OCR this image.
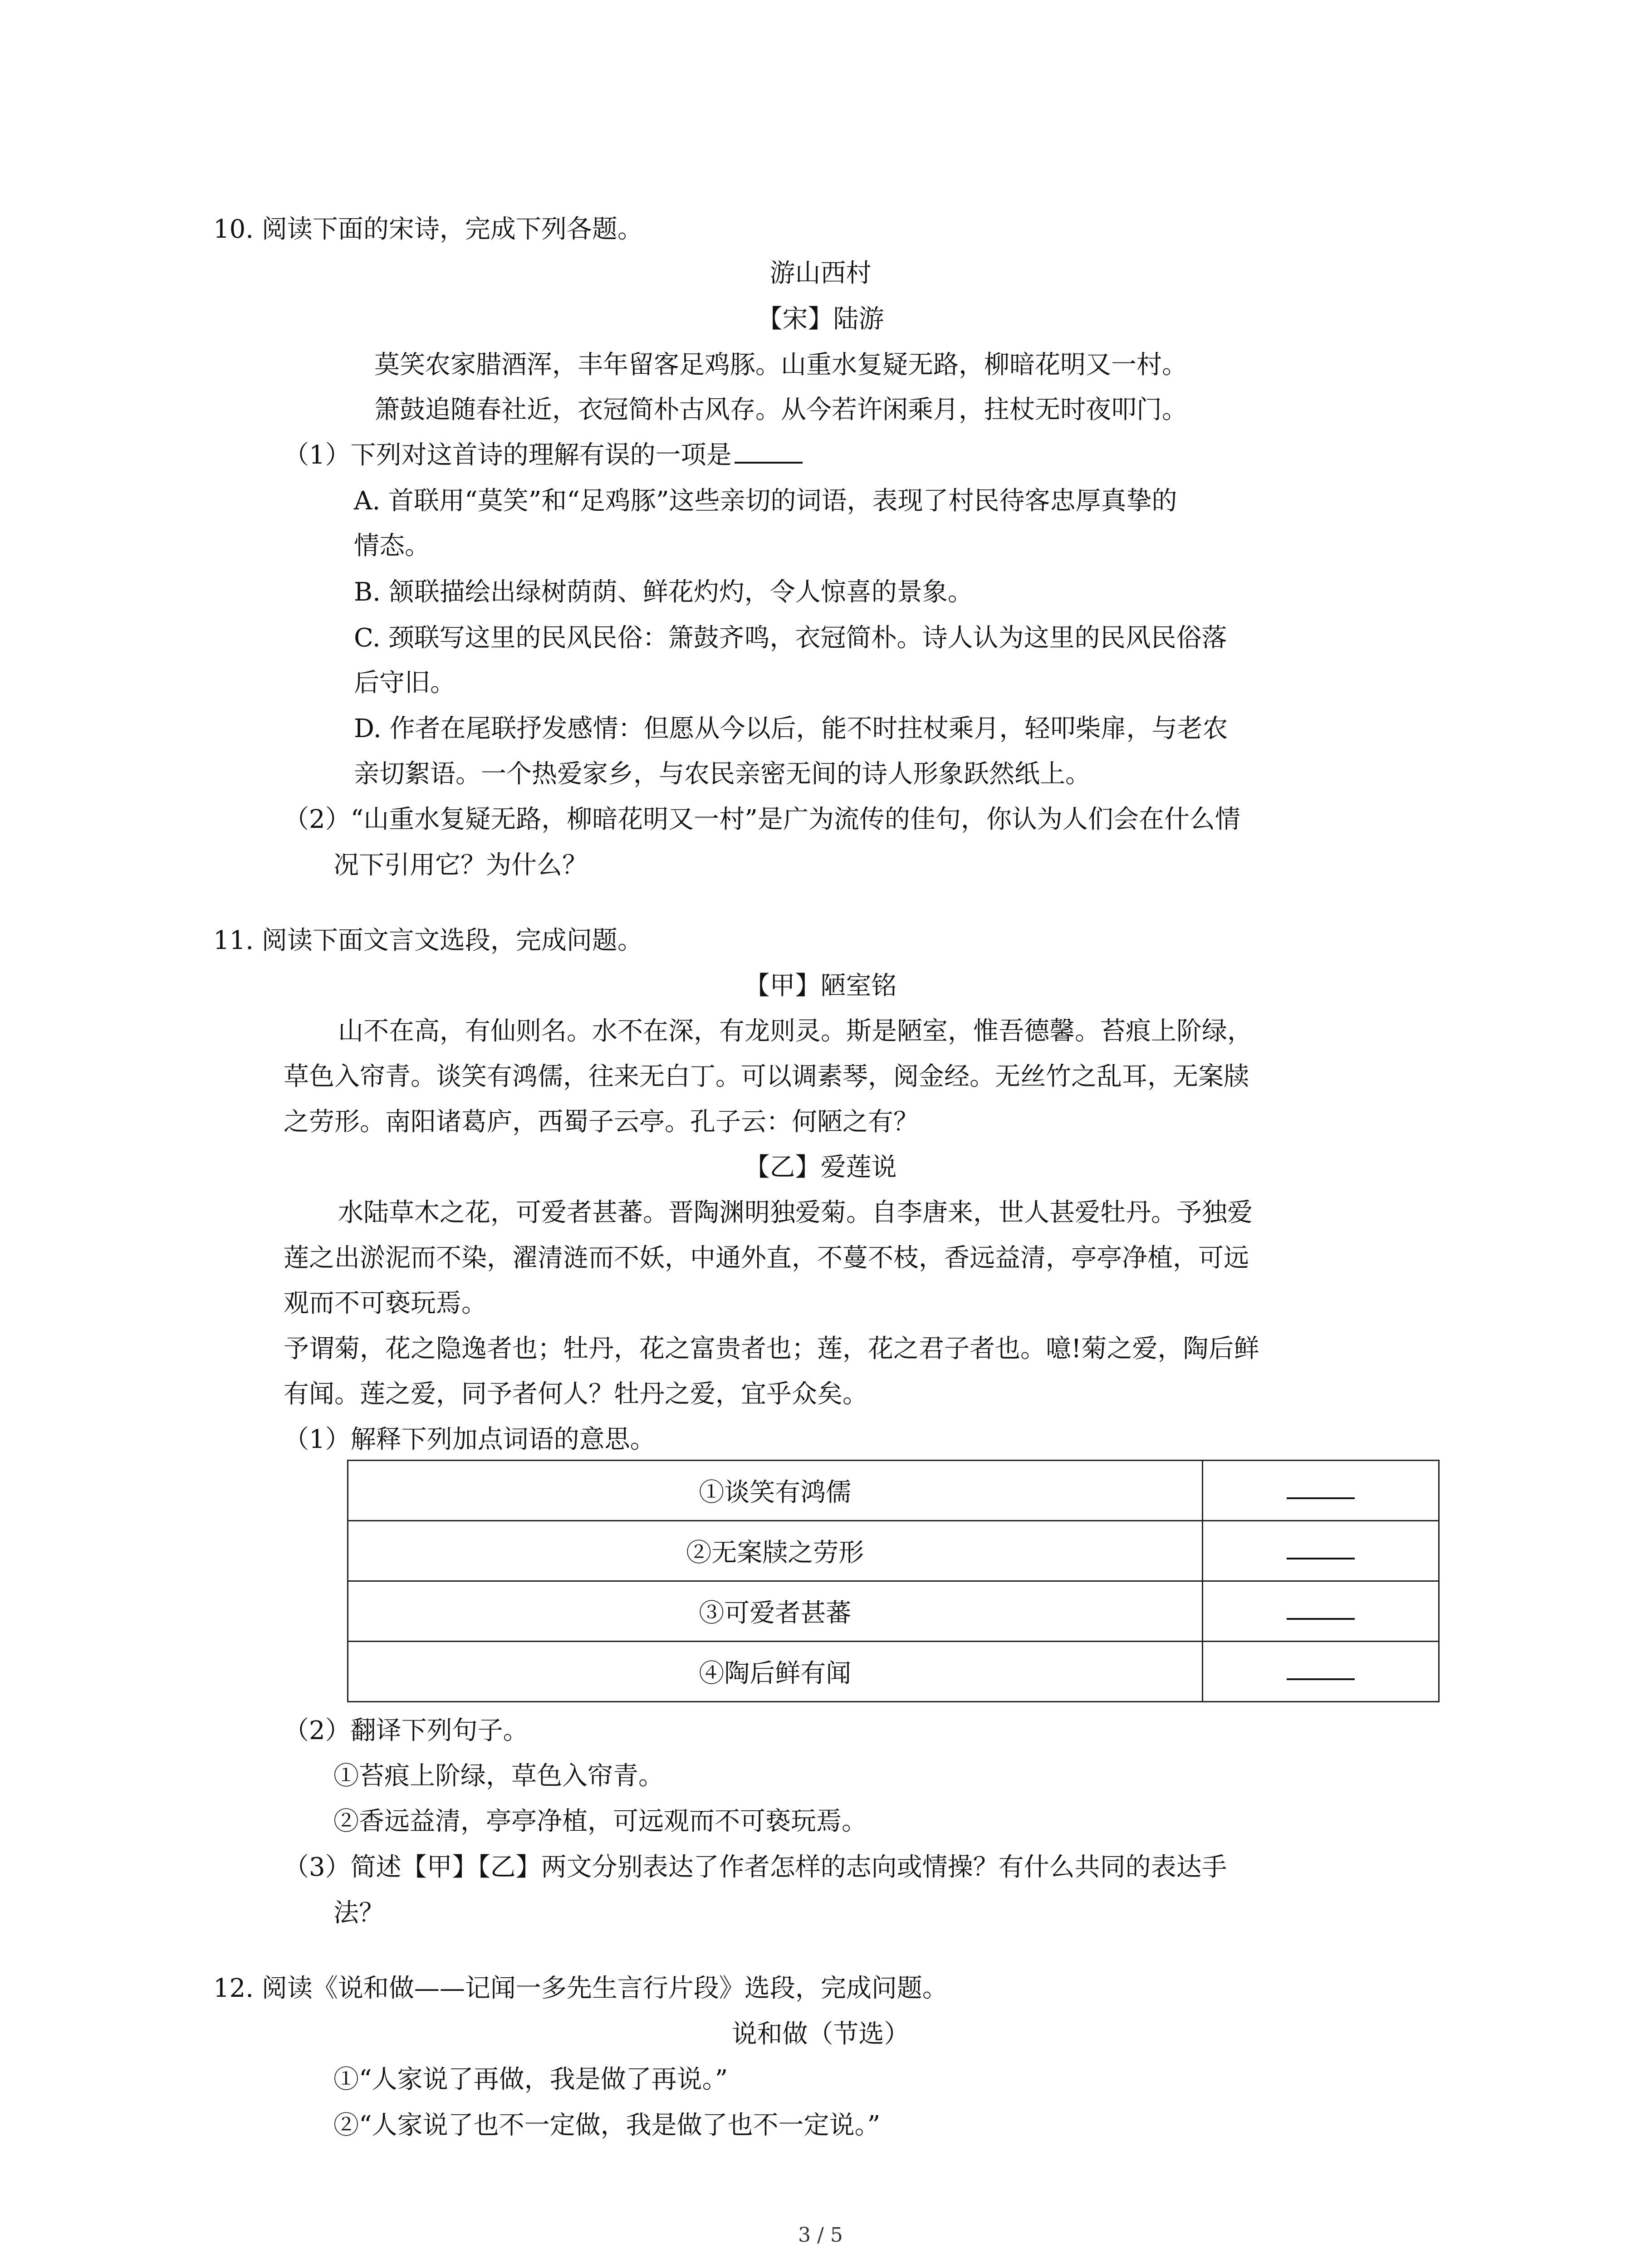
10. 阅读下面的宋诗，完成下列各题。
游山西村
【宋】陆游
莫笑农家腊酒浑，丰年留客足鸡豚。山重水复疑无路，柳暗花明又一村。
箫鼓追随春社近，衣冠简朴古风存。从今若许闲乘月，拄杖无时夜叩门。
（1）下列对这首诗的理解有误的一项是
A. 首联用“莫笑”和“足鸡豚”这些亲切的词语，表现了村民待客忠厚真挚的
情态。
B. 颔联描绘出绿树荫荫、鲜花灼灼，令人惊喜的景象。
C. 颈联写这里的民风民俗：箫鼓齐鸣，衣冠简朴。诗人认为这里的民风民俗落
后守旧。
D. 作者在尾联抒发感情：但愿从今以后，能不时拄杖乘月，轻叩柴扉，与老农
亲切絮语。一个热爱家乡，与农民亲密无间的诗人形象跃然纸上。
（2）“山重水复疑无路，柳暗花明又一村”是广为流传的佳句，你认为人们会在什么情
况下引用它？为什么？
11. 阅读下面文言文选段，完成问题。
【甲】陋室铭
山不在高，有仙则名。水不在深，有龙则灵。斯是陋室，惟吾德馨。苔痕上阶绿，
草色入帘青。谈笑有鸿儒，往来无白丁。可以调素琴，阅金经。无丝竹之乱耳，无案牍
之劳形。南阳诸葛庐，西蜀子云亭。孔子云：何陋之有？
【乙】爱莲说
水陆草木之花，可爱者甚蕃。晋陶渊明独爱菊。自李唐来，世人甚爱牡丹。予独爱
莲之出淤泥而不染，濯清涟而不妖，中通外直，不蔓不枝，香远益清，亭亭净植，可远
观而不可亵玩焉。
予谓菊，花之隐逸者也；牡丹，花之富贵者也；莲，花之君子者也。噫!菊之爱，陶后鲜
有闻。莲之爱，同予者何人？牡丹之爱，宜乎众矣。
（1）解释下列加点词语的意思。
①谈笑有鸿儒	
②无案牍之劳形	
③可爱者甚蕃	
④陶后鲜有闻	
（2）翻译下列句子。
①苔痕上阶绿，草色入帘青。
②香远益清，亭亭净植，可远观而不可亵玩焉。
（3）简述【甲】【乙】两文分别表达了作者怎样的志向或情操？有什么共同的表达手
法？
12. 阅读《说和做——记闻一多先生言行片段》选段，完成问题。
说和做（节选）
①“人家说了再做，我是做了再说。”
②“人家说了也不一定做，我是做了也不一定说。”
3 / 5
